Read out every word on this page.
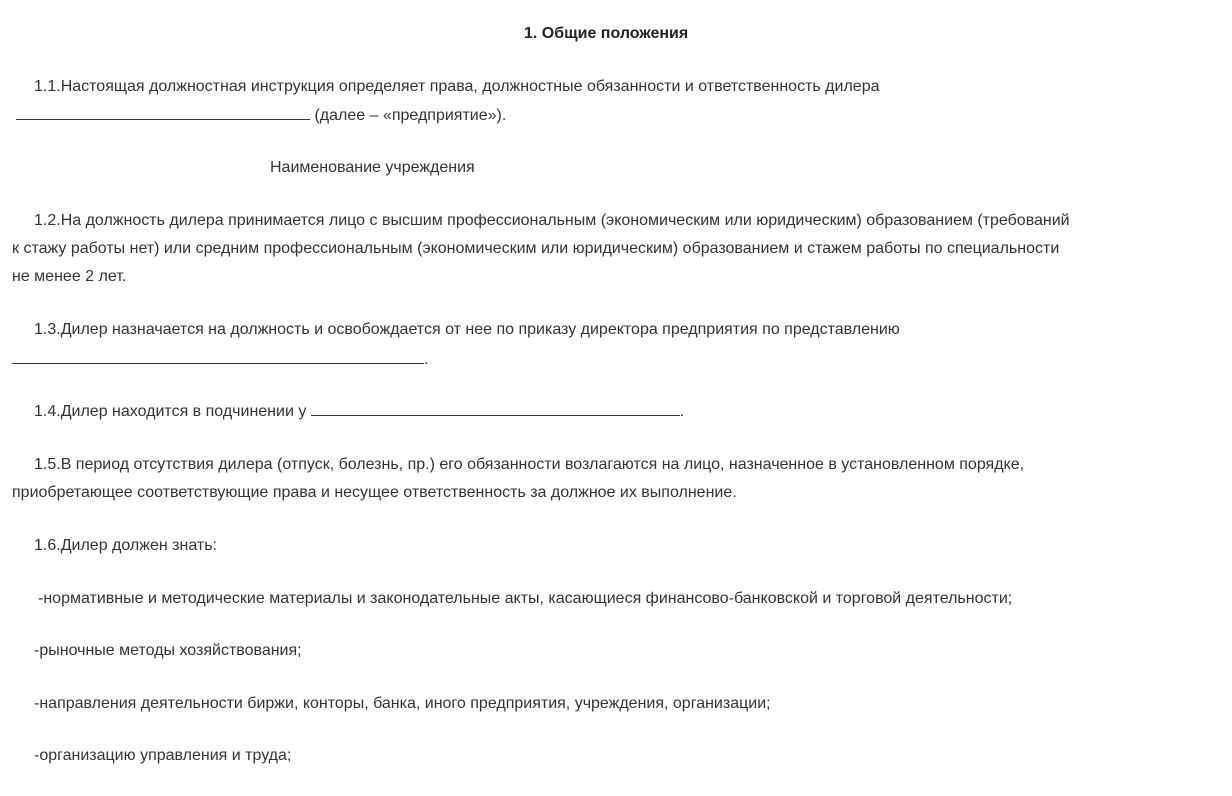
1. Общие положения
1.1.Настоящая должностная инструкция определяет права, должностные обязанности и ответственность дилера
(далее – «предприятие»).
Наименование учреждения
1.2.На должность дилера принимается лицо с высшим профессиональным (экономическим или юридическим) образованием (требований
к стажу работы нет) или средним профессиональным (экономическим или юридическим) образованием и стажем работы по специальности
не менее 2 лет.
1.3.Дилер назначается на должность и освобождается от нее по приказу директора предприятия по представлению
.
1.4.Дилер находится в подчинении у	.
1.5.В период отсутствия дилера (отпуск, болезнь, пр.) его обязанности возлагаются на лицо, назначенное в установленном порядке,
приобретающее соответствующие права и несущее ответственность за должное их выполнение.
1.6.Дилер должен знать:
-нормативные и методические материалы и законодательные акты, касающиеся финансово-банковской и торговой деятельности;
-рыночные методы хозяйствования;
-направления деятельности биржи, конторы, банка, иного предприятия, учреждения, организации;
-организацию управления и труда;
